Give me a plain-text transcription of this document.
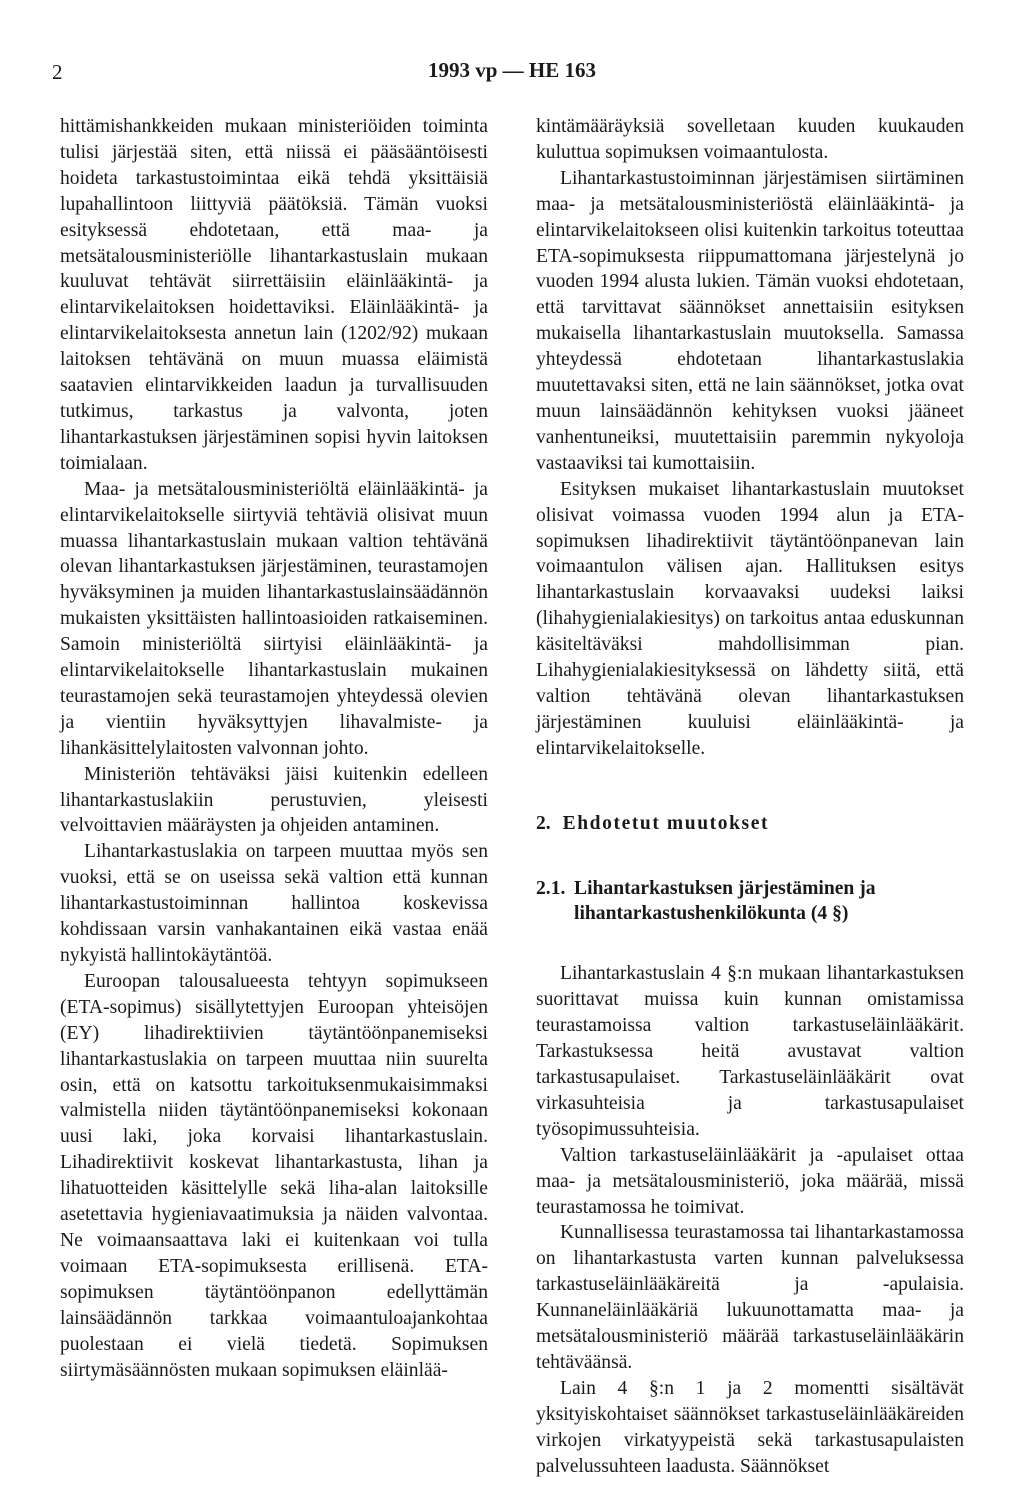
2	1993 vp — HE 163

hittämishankkeiden mukaan ministeriöiden toiminta tulisi järjestää siten, että niissä ei pääsääntöisesti hoideta tarkastustoimintaa eikä tehdä yksittäisiä lupahallintoon liittyviä päätöksiä. Tämän vuoksi esityksessä ehdotetaan, että maa- ja metsätalousministeriölle lihantarkastuslain mukaan kuuluvat tehtävät siirrettäisiin eläinlääkintä- ja elintarvikelaitoksen hoidettaviksi. Eläinlääkintä- ja elintarvikelaitoksesta annetun lain (1202/92) mukaan laitoksen tehtävänä on muun muassa eläimistä saatavien elintarvikkeiden laadun ja turvallisuuden tutkimus, tarkastus ja valvonta, joten lihantarkastuksen järjestäminen sopisi hyvin laitoksen toimialaan.

Maa- ja metsätalousministeriöltä eläinlääkintä- ja elintarvikelaitokselle siirtyviä tehtäviä olisivat muun muassa lihantarkastuslain mukaan valtion tehtävänä olevan lihantarkastuksen järjestäminen, teurastamojen hyväksyminen ja muiden lihantarkastuslainsäädännön mukaisten yksittäisten hallintoasioiden ratkaiseminen. Samoin ministeriöltä siirtyisi eläinlääkintä- ja elintarvikelaitokselle lihantarkastuslain mukainen teurastamojen sekä teurastamojen yhteydessä olevien ja vientiin hyväksyttyjen lihavalmiste- ja lihankäsittelylaitosten valvonnan johto.

Ministeriön tehtäväksi jäisi kuitenkin edelleen lihantarkastuslakiin perustuvien, yleisesti velvoittavien määräysten ja ohjeiden antaminen.

Lihantarkastuslakia on tarpeen muuttaa myös sen vuoksi, että se on useissa sekä valtion että kunnan lihantarkastustoiminnan hallintoa koskevissa kohdissaan varsin vanhakantainen eikä vastaa enää nykyistä hallintokäytäntöä.

Euroopan talousalueesta tehtyyn sopimukseen (ETA-sopimus) sisällytettyjen Euroopan yhteisöjen (EY) lihadirektiivien täytäntöönpanemiseksi lihantarkastuslakia on tarpeen muuttaa niin suurelta osin, että on katsottu tarkoituksenmukaisimmaksi valmistella niiden täytäntöönpanemiseksi kokonaan uusi laki, joka korvaisi lihantarkastuslain. Lihadirektiivit koskevat lihantarkastusta, lihan ja lihatuotteiden käsittelylle sekä liha-alan laitoksille asetettavia hygieniavaatimuksia ja näiden valvontaa. Ne voimaansaattava laki ei kuitenkaan voi tulla voimaan ETA-sopimuksesta erillisenä. ETA-sopimuksen täytäntöönpanon edellyttämän lainsäädännön tarkkaa voimaantuloajankohtaa puolestaan ei vielä tiedetä. Sopimuksen siirtymäsäännösten mukaan sopimuksen eläinlää-

kintämääräyksiä sovelletaan kuuden kuukauden kuluttua sopimuksen voimaantulosta.

Lihantarkastustoiminnan järjestämisen siirtäminen maa- ja metsätalousministeriöstä eläinlääkintä- ja elintarvikelaitokseen olisi kuitenkin tarkoitus toteuttaa ETA-sopimuksesta riippumattomana järjestelynä jo vuoden 1994 alusta lukien. Tämän vuoksi ehdotetaan, että tarvittavat säännökset annettaisiin esityksen mukaisella lihantarkastuslain muutoksella. Samassa yhteydessä ehdotetaan lihantarkastuslakia muutettavaksi siten, että ne lain säännökset, jotka ovat muun lainsäädännön kehityksen vuoksi jääneet vanhentuneiksi, muutettaisiin paremmin nykyoloja vastaaviksi tai kumottaisiin.

Esityksen mukaiset lihantarkastuslain muutokset olisivat voimassa vuoden 1994 alun ja ETA-sopimuksen lihadirektiivit täytäntöönpanevan lain voimaantulon välisen ajan. Hallituksen esitys lihantarkastuslain korvaavaksi uudeksi laiksi (lihahygienialakiesitys) on tarkoitus antaa eduskunnan käsiteltäväksi mahdollisimman pian. Lihahygienialakiesityksessä on lähdetty siitä, että valtion tehtävänä olevan lihantarkastuksen järjestäminen kuuluisi eläinlääkintä- ja elintarvikelaitokselle.

2. Ehdotetut muutokset
2.1. Lihantarkastuksen järjestäminen ja lihantarkastushenkilökunta (4 §)

Lihantarkastuslain 4 §:n mukaan lihantarkastuksen suorittavat muissa kuin kunnan omistamissa teurastamoissa valtion tarkastuseläinlääkärit. Tarkastuksessa heitä avustavat valtion tarkastusapulaiset. Tarkastuseläinlääkärit ovat virkasuhteisia ja tarkastusapulaiset työsopimussuhteisia.

Valtion tarkastuseläinlääkärit ja -apulaiset ottaa maa- ja metsätalousministeriö, joka määrää, missä teurastamossa he toimivat.

Kunnallisessa teurastamossa tai lihantarkastamossa on lihantarkastusta varten kunnan palveluksessa tarkastuseläinlääkäreitä ja -apulaisia. Kunnaneläinlääkäriä lukuunottamatta maa- ja metsätalousministeriö määrää tarkastuseläinlääkärin tehtäväänsä.

Lain 4 §:n 1 ja 2 momentti sisältävät yksityiskohtaiset säännökset tarkastuseläinlääkäreiden virkojen virkatyypeistä sekä tarkastusapulaisten palvelussuhteen laadusta. Säännökset
